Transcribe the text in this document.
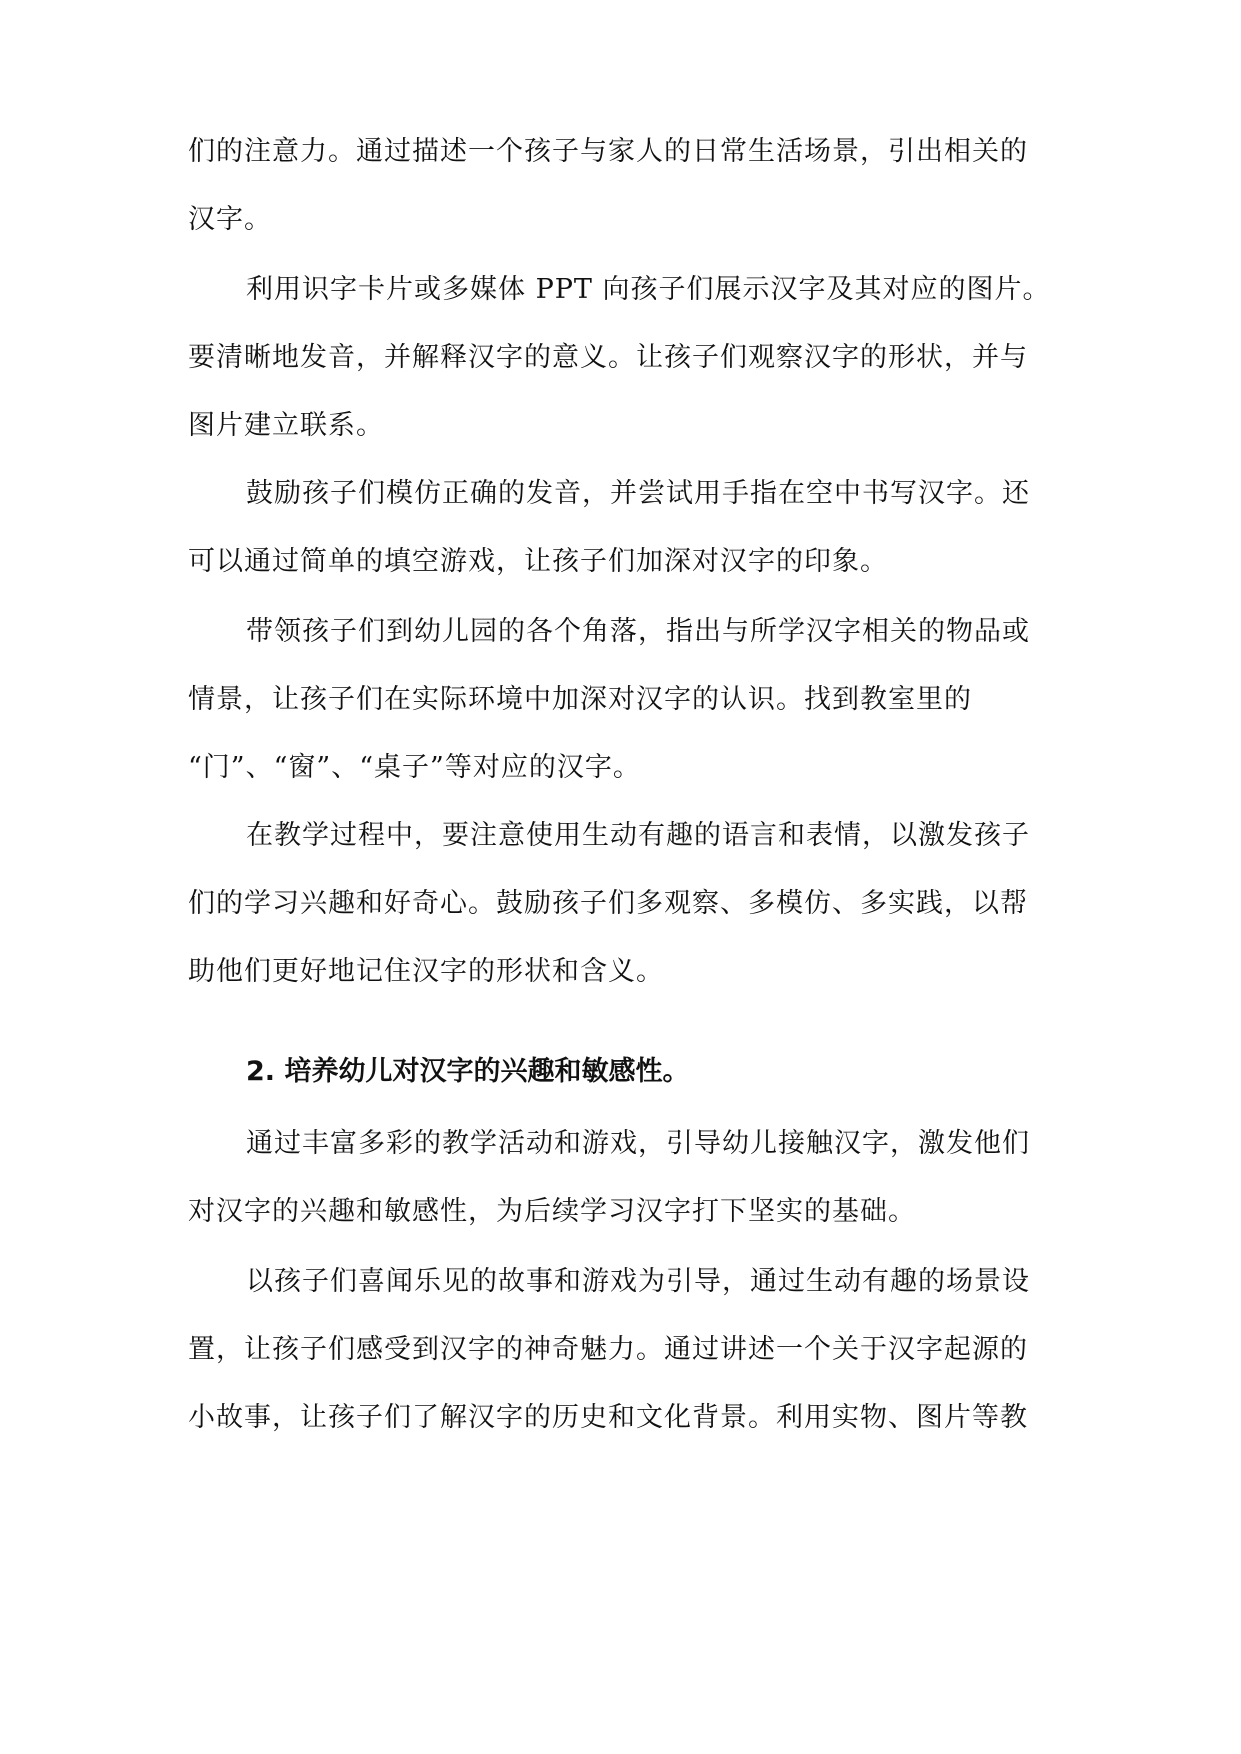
们的注意力。通过描述一个孩子与家人的日常生活场景，引出相关的
汉字。
利用识字卡片或多媒体 PPT 向孩子们展示汉字及其对应的图片。
要清晰地发音，并解释汉字的意义。让孩子们观察汉字的形状，并与
图片建立联系。
鼓励孩子们模仿正确的发音，并尝试用手指在空中书写汉字。还
可以通过简单的填空游戏，让孩子们加深对汉字的印象。
带领孩子们到幼儿园的各个角落，指出与所学汉字相关的物品或
情景，让孩子们在实际环境中加深对汉字的认识。找到教室里的
“门”、“窗”、“桌子”等对应的汉字。
在教学过程中，要注意使用生动有趣的语言和表情，以激发孩子
们的学习兴趣和好奇心。鼓励孩子们多观察、多模仿、多实践，以帮
助他们更好地记住汉字的形状和含义。
2. 培养幼儿对汉字的兴趣和敏感性。
通过丰富多彩的教学活动和游戏，引导幼儿接触汉字，激发他们
对汉字的兴趣和敏感性，为后续学习汉字打下坚实的基础。
以孩子们喜闻乐见的故事和游戏为引导，通过生动有趣的场景设
置，让孩子们感受到汉字的神奇魅力。通过讲述一个关于汉字起源的
小故事，让孩子们了解汉字的历史和文化背景。利用实物、图片等教
